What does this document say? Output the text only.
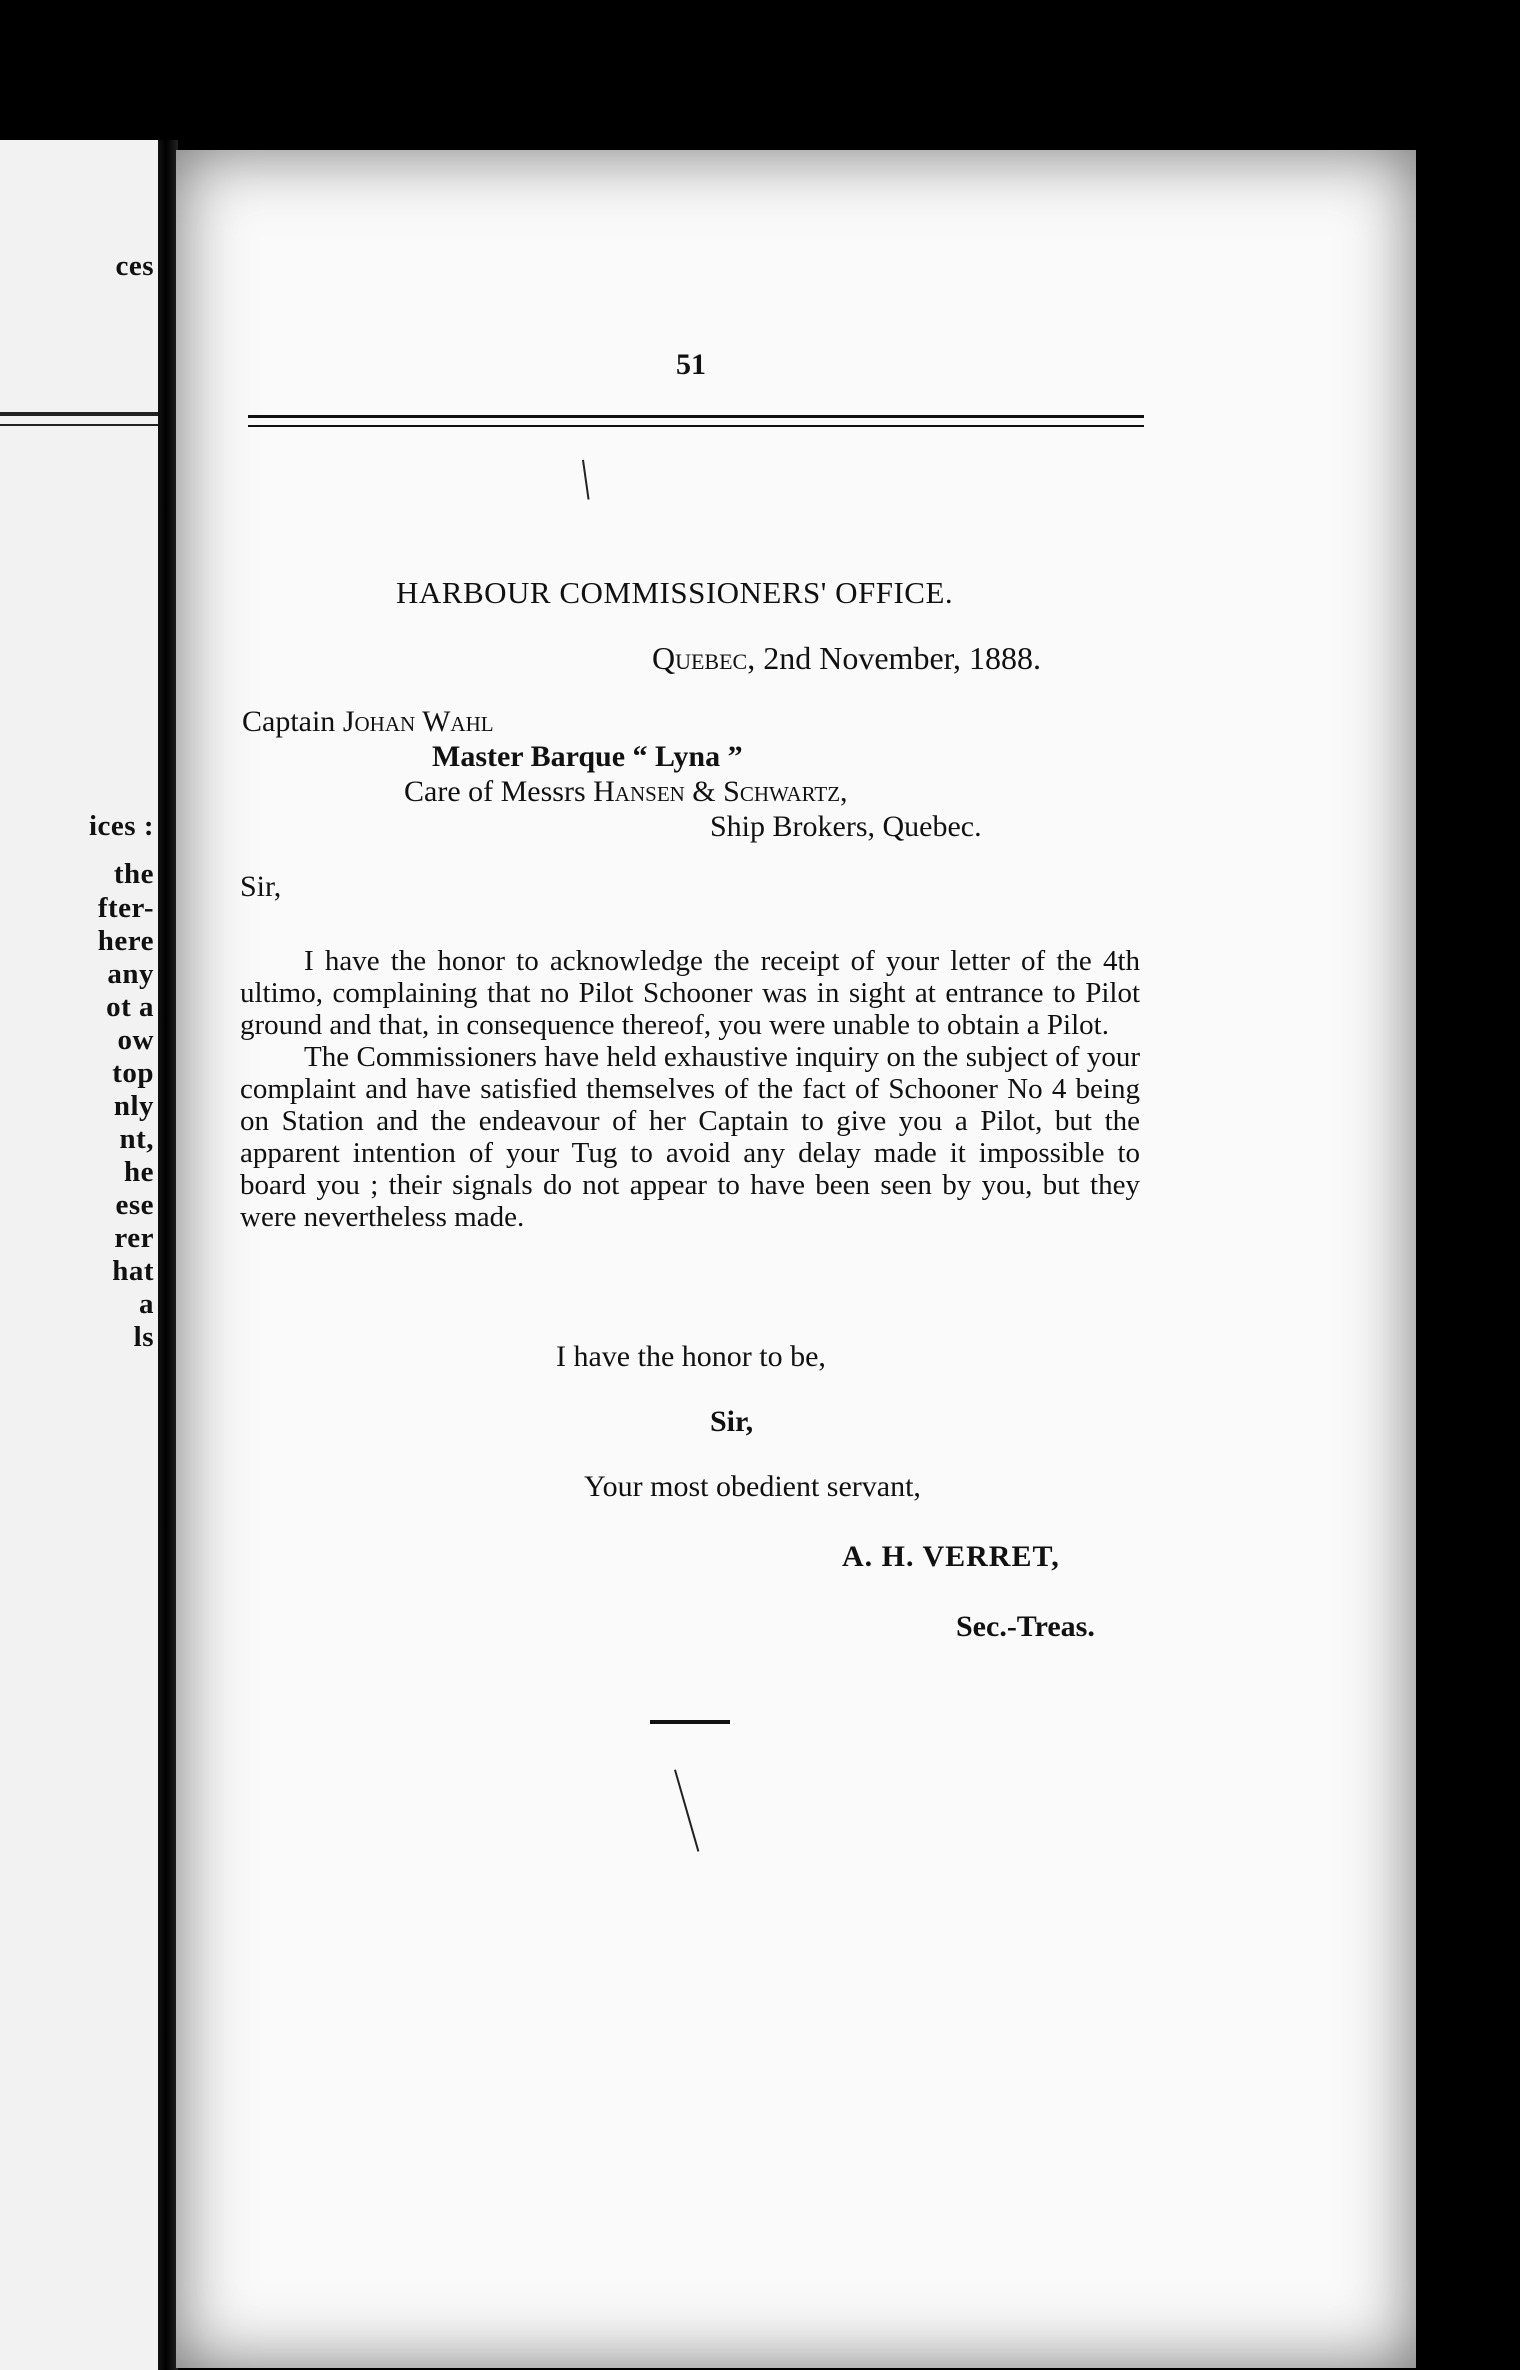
ces
ices :
the
fter-
here
any
ot a
ow
top
nly
nt,
he
ese
rer
hat
a
ls
51
HARBOUR COMMISSIONERS' OFFICE.
Quebec, 2nd November, 1888.
Captain Johan Wahl
Master Barque “ Lyna ”
Care of Messrs Hansen & Schwartz,
Ship Brokers, Quebec.
Sir,

I have the honor to acknowledge the receipt of your letter of the 4th ultimo, complaining that no Pilot Schooner was in sight at entrance to Pilot ground and that, in consequence thereof, you were unable to obtain a Pilot.

The Commissioners have held exhaustive inquiry on the subject of your complaint and have satisfied themselves of the fact of Schooner No 4 being on Station and the endeavour of her Captain to give you a Pilot, but the apparent intention of your Tug to avoid any delay made it impossible to board you ; their signals do not appear to have been seen by you, but they were nevertheless made.

I have the honor to be,
Sir,
Your most obedient servant,
A. H. VERRET,
Sec.-Treas.
